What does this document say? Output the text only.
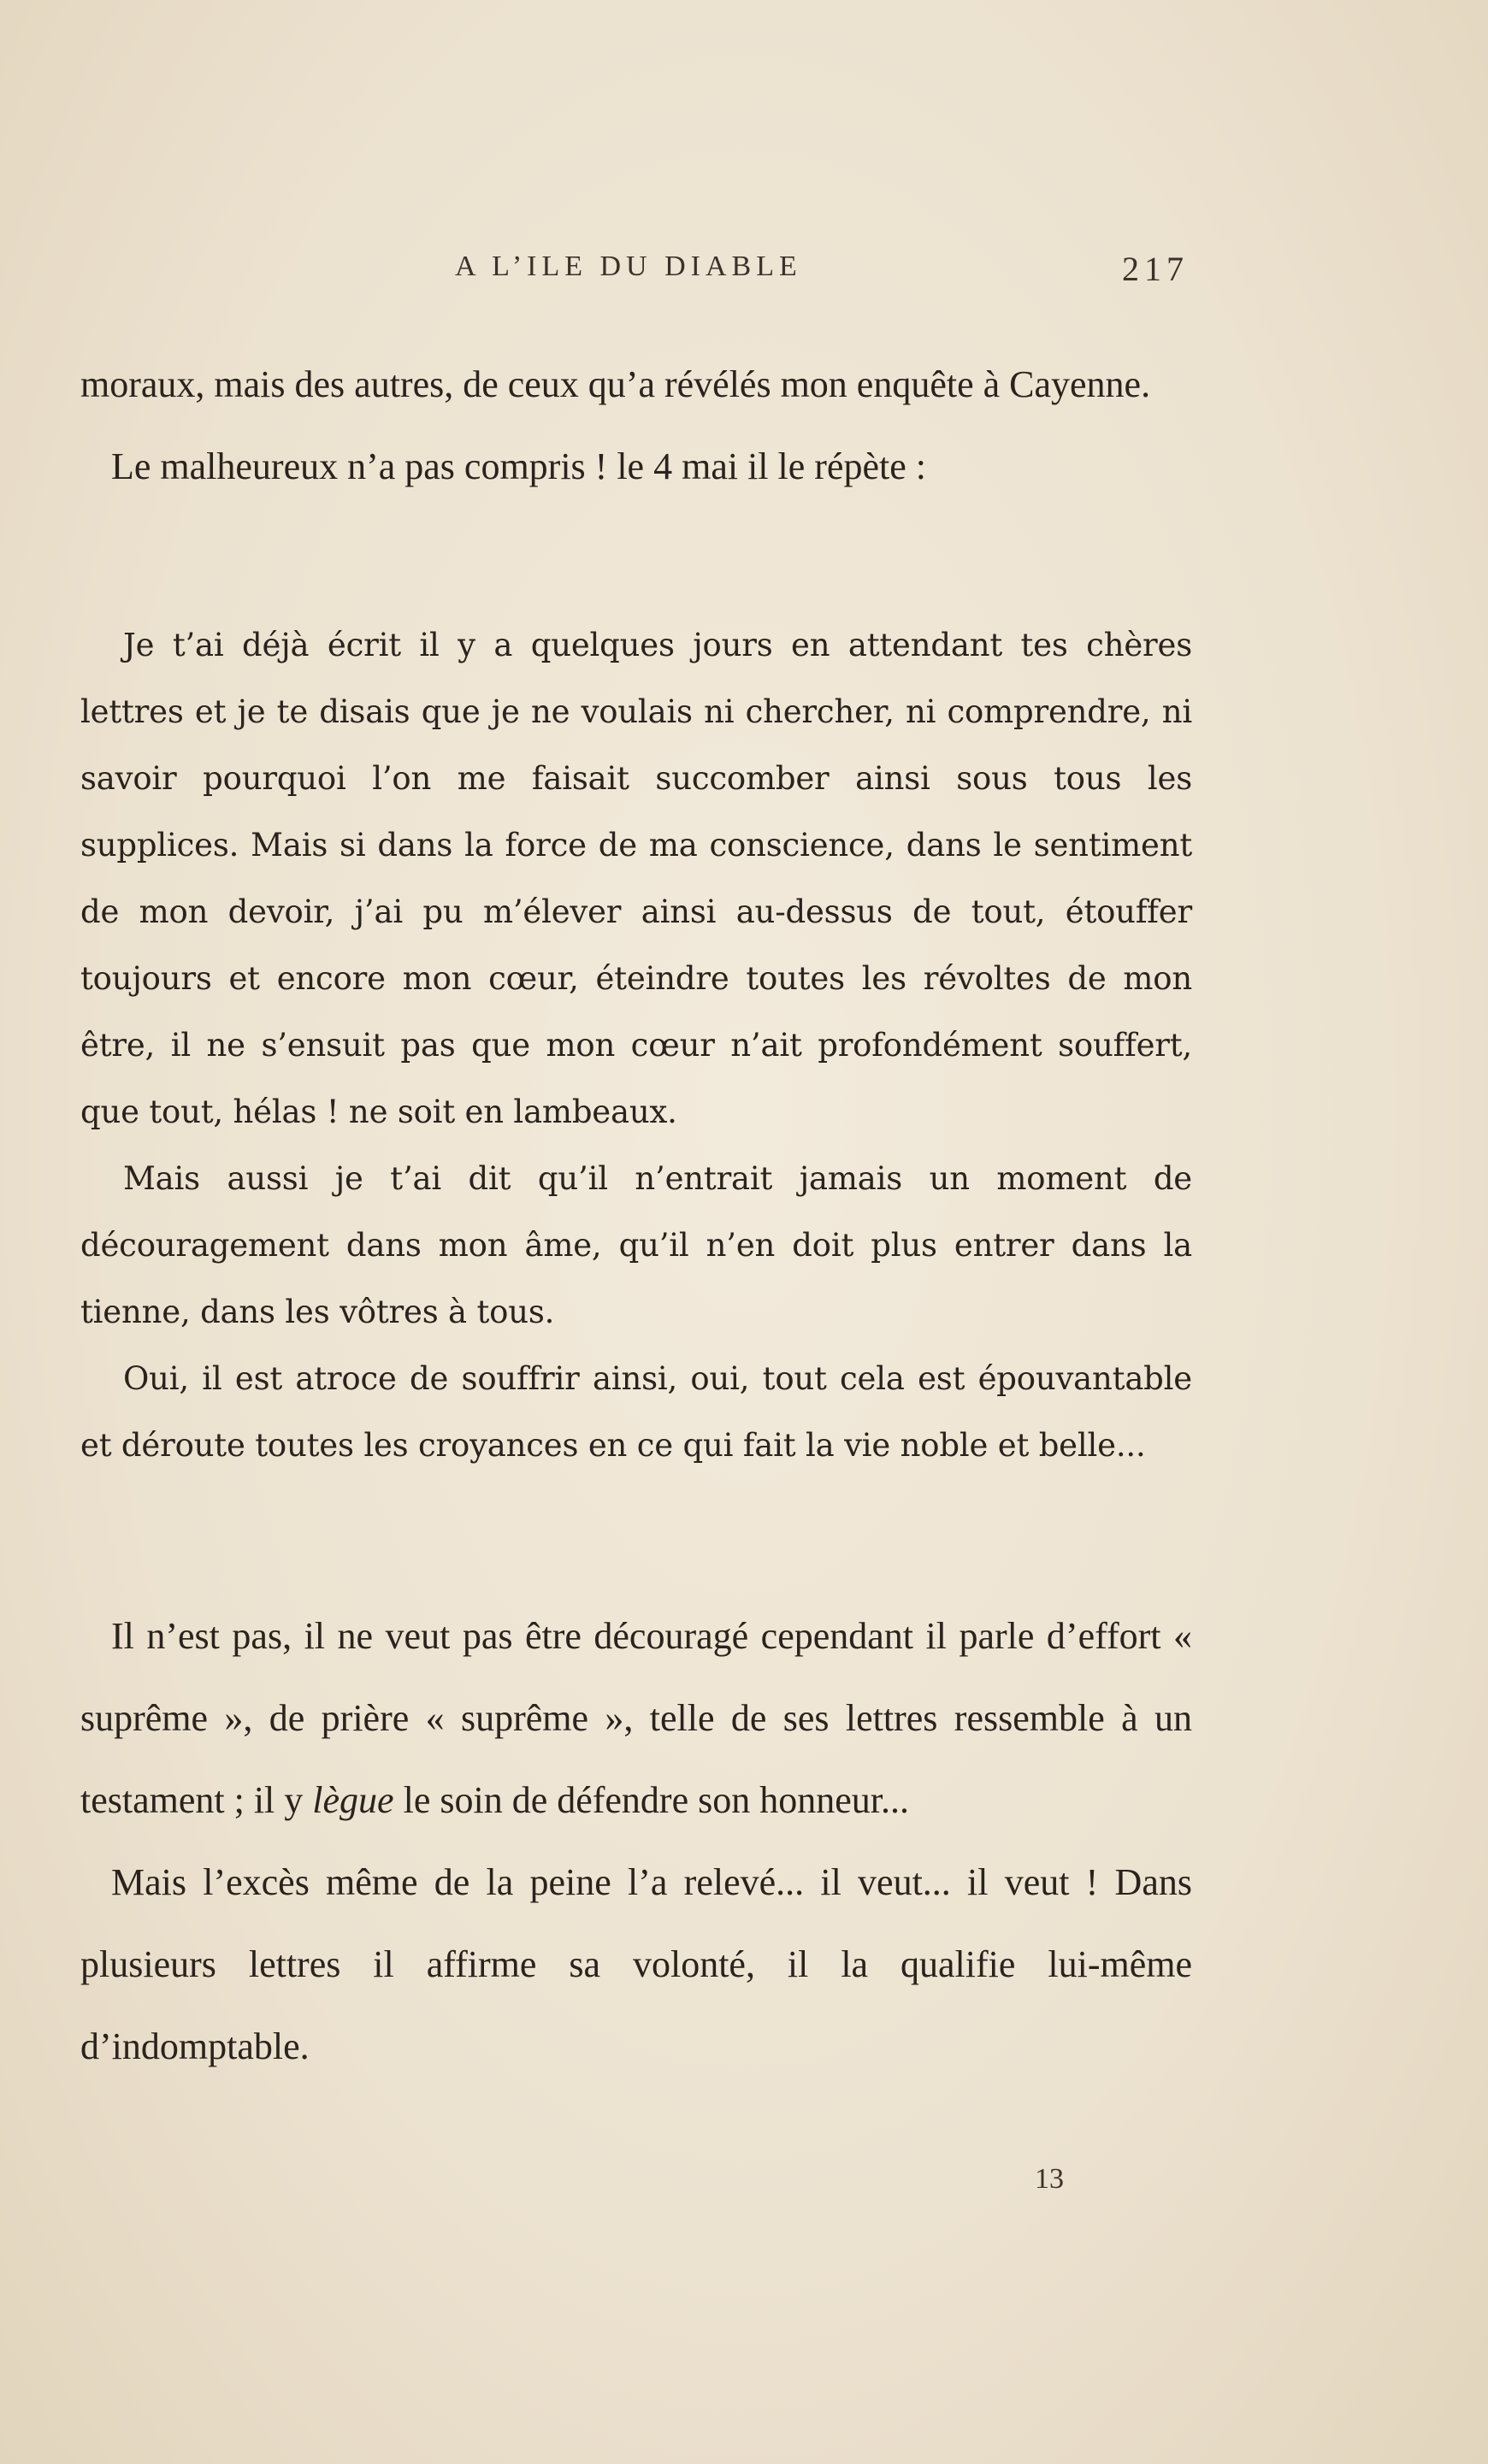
A L’ILE DU DIABLE	217

moraux, mais des autres, de ceux qu’a révélés mon enquête à Cayenne.

Le malheureux n’a pas compris ! le 4 mai il le répète :

Je t’ai déjà écrit il y a quelques jours en attendant tes chères lettres et je te disais que je ne voulais ni chercher, ni comprendre, ni savoir pourquoi l’on me faisait succomber ainsi sous tous les supplices. Mais si dans la force de ma conscience, dans le sentiment de mon devoir, j’ai pu m’élever ainsi au-dessus de tout, étouffer toujours et encore mon cœur, éteindre toutes les révoltes de mon être, il ne s’ensuit pas que mon cœur n’ait profondément souffert, que tout, hélas ! ne soit en lambeaux.

Mais aussi je t’ai dit qu’il n’entrait jamais un moment de découragement dans mon âme, qu’il n’en doit plus entrer dans la tienne, dans les vôtres à tous.

Oui, il est atroce de souffrir ainsi, oui, tout cela est épouvantable et déroute toutes les croyances en ce qui fait la vie noble et belle...

Il n’est pas, il ne veut pas être découragé cependant il parle d’effort « suprême », de prière « suprême », telle de ses lettres ressemble à un testament ; il y lègue le soin de défendre son honneur...

Mais l’excès même de la peine l’a relevé... il veut... il veut ! Dans plusieurs lettres il affirme sa volonté, il la qualifie lui-même d’indomptable.

13
